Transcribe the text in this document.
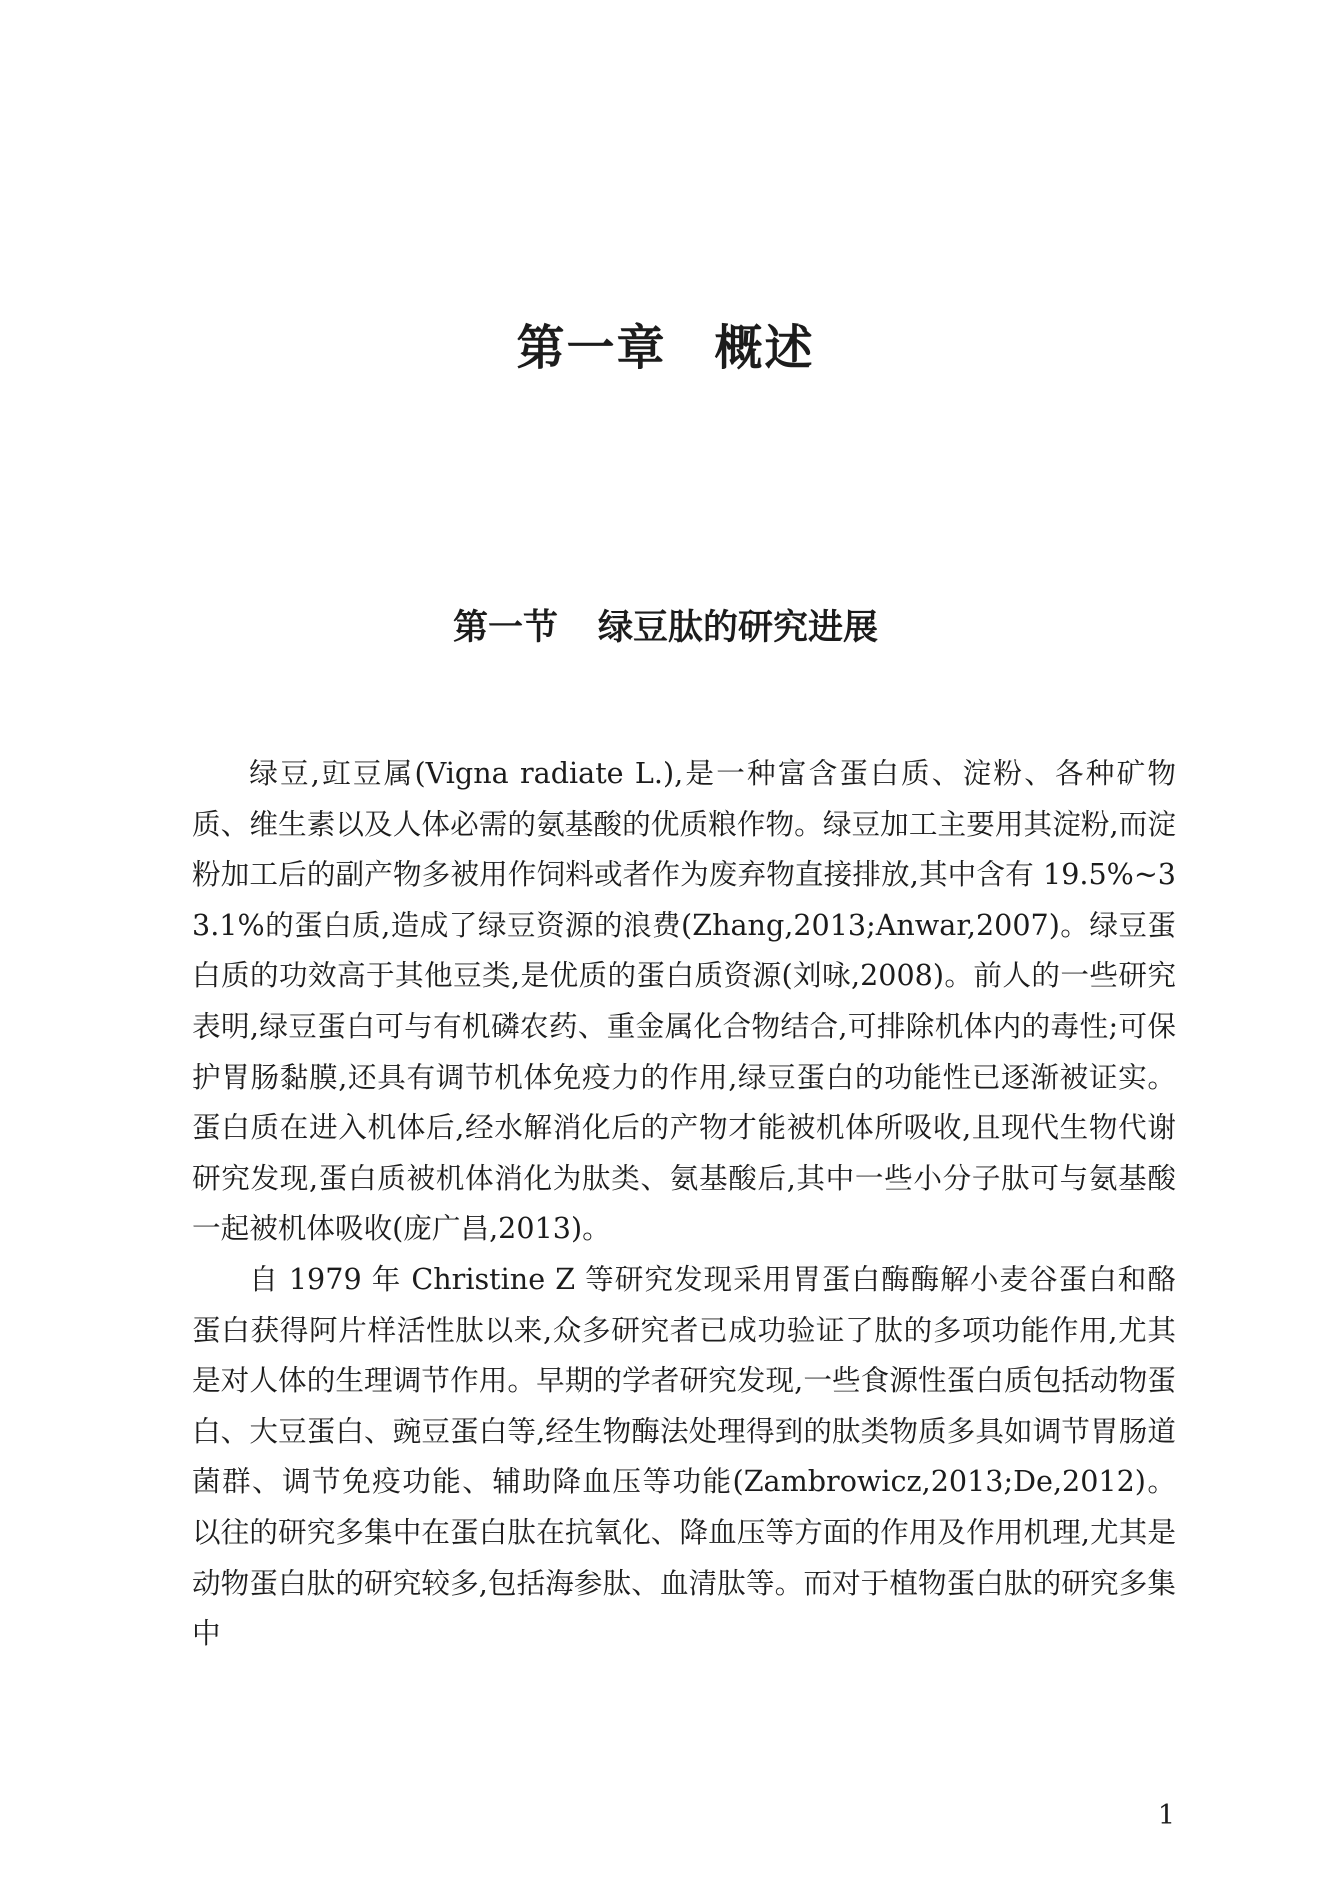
第一章 概述
第一节 绿豆肽的研究进展

绿豆,豇豆属(Vigna radiate L.),是一种富含蛋白质、淀粉、各种矿物质、维生素以及人体必需的氨基酸的优质粮作物。绿豆加工主要用其淀粉,而淀粉加工后的副产物多被用作饲料或者作为废弃物直接排放,其中含有 19.5%~33.1%的蛋白质,造成了绿豆资源的浪费(Zhang,2013;Anwar,2007)。绿豆蛋白质的功效高于其他豆类,是优质的蛋白质资源(刘咏,2008)。前人的一些研究表明,绿豆蛋白可与有机磷农药、重金属化合物结合,可排除机体内的毒性;可保护胃肠黏膜,还具有调节机体免疫力的作用,绿豆蛋白的功能性已逐渐被证实。蛋白质在进入机体后,经水解消化后的产物才能被机体所吸收,且现代生物代谢研究发现,蛋白质被机体消化为肽类、氨基酸后,其中一些小分子肽可与氨基酸一起被机体吸收(庞广昌,2013)。

自 1979 年 Christine Z 等研究发现采用胃蛋白酶酶解小麦谷蛋白和酪蛋白获得阿片样活性肽以来,众多研究者已成功验证了肽的多项功能作用,尤其是对人体的生理调节作用。早期的学者研究发现,一些食源性蛋白质包括动物蛋白、大豆蛋白、豌豆蛋白等,经生物酶法处理得到的肽类物质多具如调节胃肠道菌群、调节免疫功能、辅助降血压等功能(Zambrowicz,2013;De,2012)。以往的研究多集中在蛋白肽在抗氧化、降血压等方面的作用及作用机理,尤其是动物蛋白肽的研究较多,包括海参肽、血清肽等。而对于植物蛋白肽的研究多集中

1
